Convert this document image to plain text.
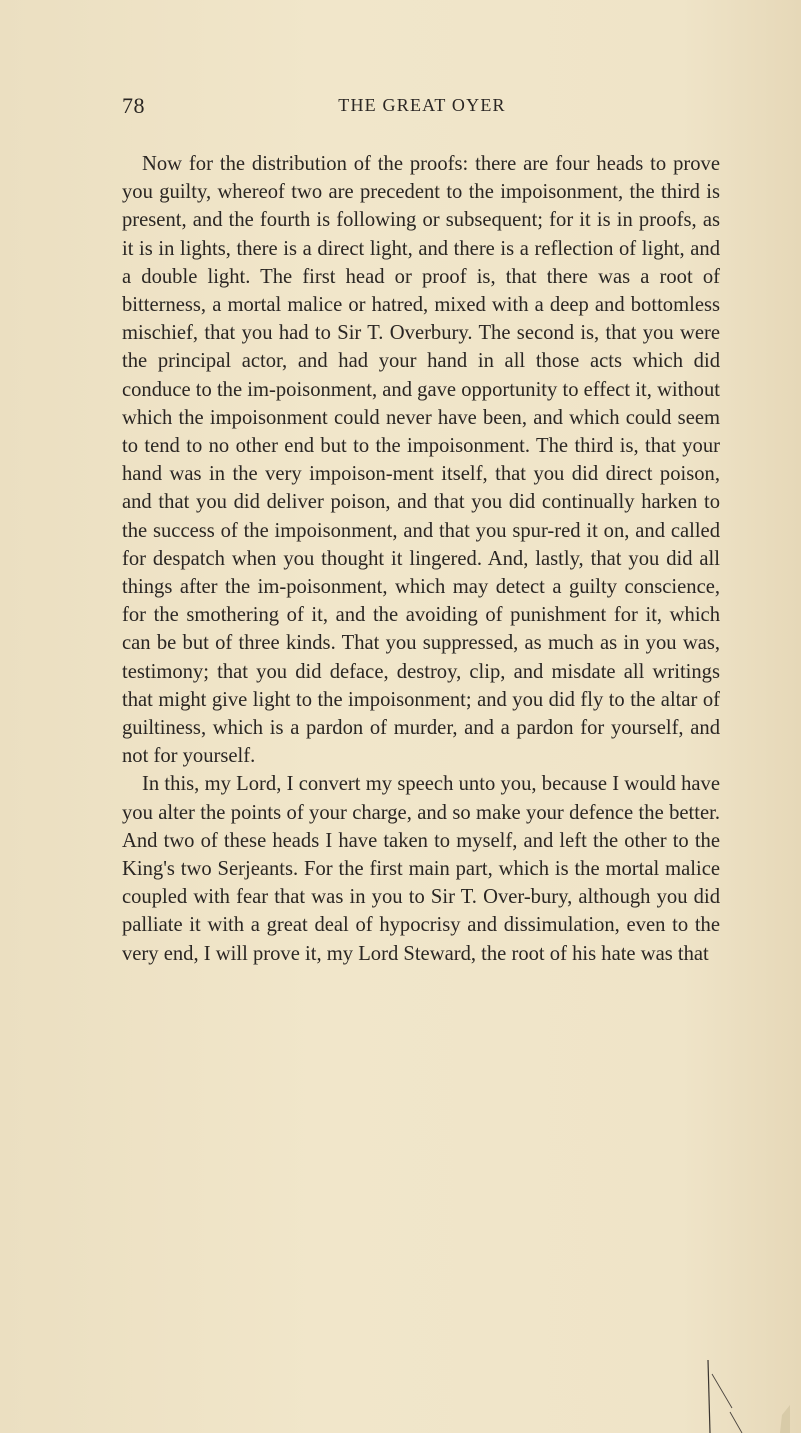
78	THE GREAT OYER

Now for the distribution of the proofs: there are four heads to prove you guilty, whereof two are precedent to the impoisonment, the third is present, and the fourth is following or subsequent; for it is in proofs, as it is in lights, there is a direct light, and there is a reflection of light, and a double light. The first head or proof is, that there was a root of bitterness, a mortal malice or hatred, mixed with a deep and bottomless mischief, that you had to Sir T. Overbury. The second is, that you were the principal actor, and had your hand in all those acts which did conduce to the im-poisonment, and gave opportunity to effect it, without which the impoisonment could never have been, and which could seem to tend to no other end but to the impoisonment. The third is, that your hand was in the very impoison-ment itself, that you did direct poison, and that you did deliver poison, and that you did continually harken to the success of the impoisonment, and that you spur-red it on, and called for despatch when you thought it lingered. And, lastly, that you did all things after the im-poisonment, which may detect a guilty conscience, for the smothering of it, and the avoiding of punishment for it, which can be but of three kinds. That you suppressed, as much as in you was, testimony; that you did deface, destroy, clip, and misdate all writings that might give light to the impoisonment; and you did fly to the altar of guiltiness, which is a pardon of murder, and a pardon for yourself, and not for yourself.

In this, my Lord, I convert my speech unto you, because I would have you alter the points of your charge, and so make your defence the better. And two of these heads I have taken to myself, and left the other to the King's two Serjeants. For the first main part, which is the mortal malice coupled with fear that was in you to Sir T. Over-bury, although you did palliate it with a great deal of hypocrisy and dissimulation, even to the very end, I will prove it, my Lord Steward, the root of his hate was that
